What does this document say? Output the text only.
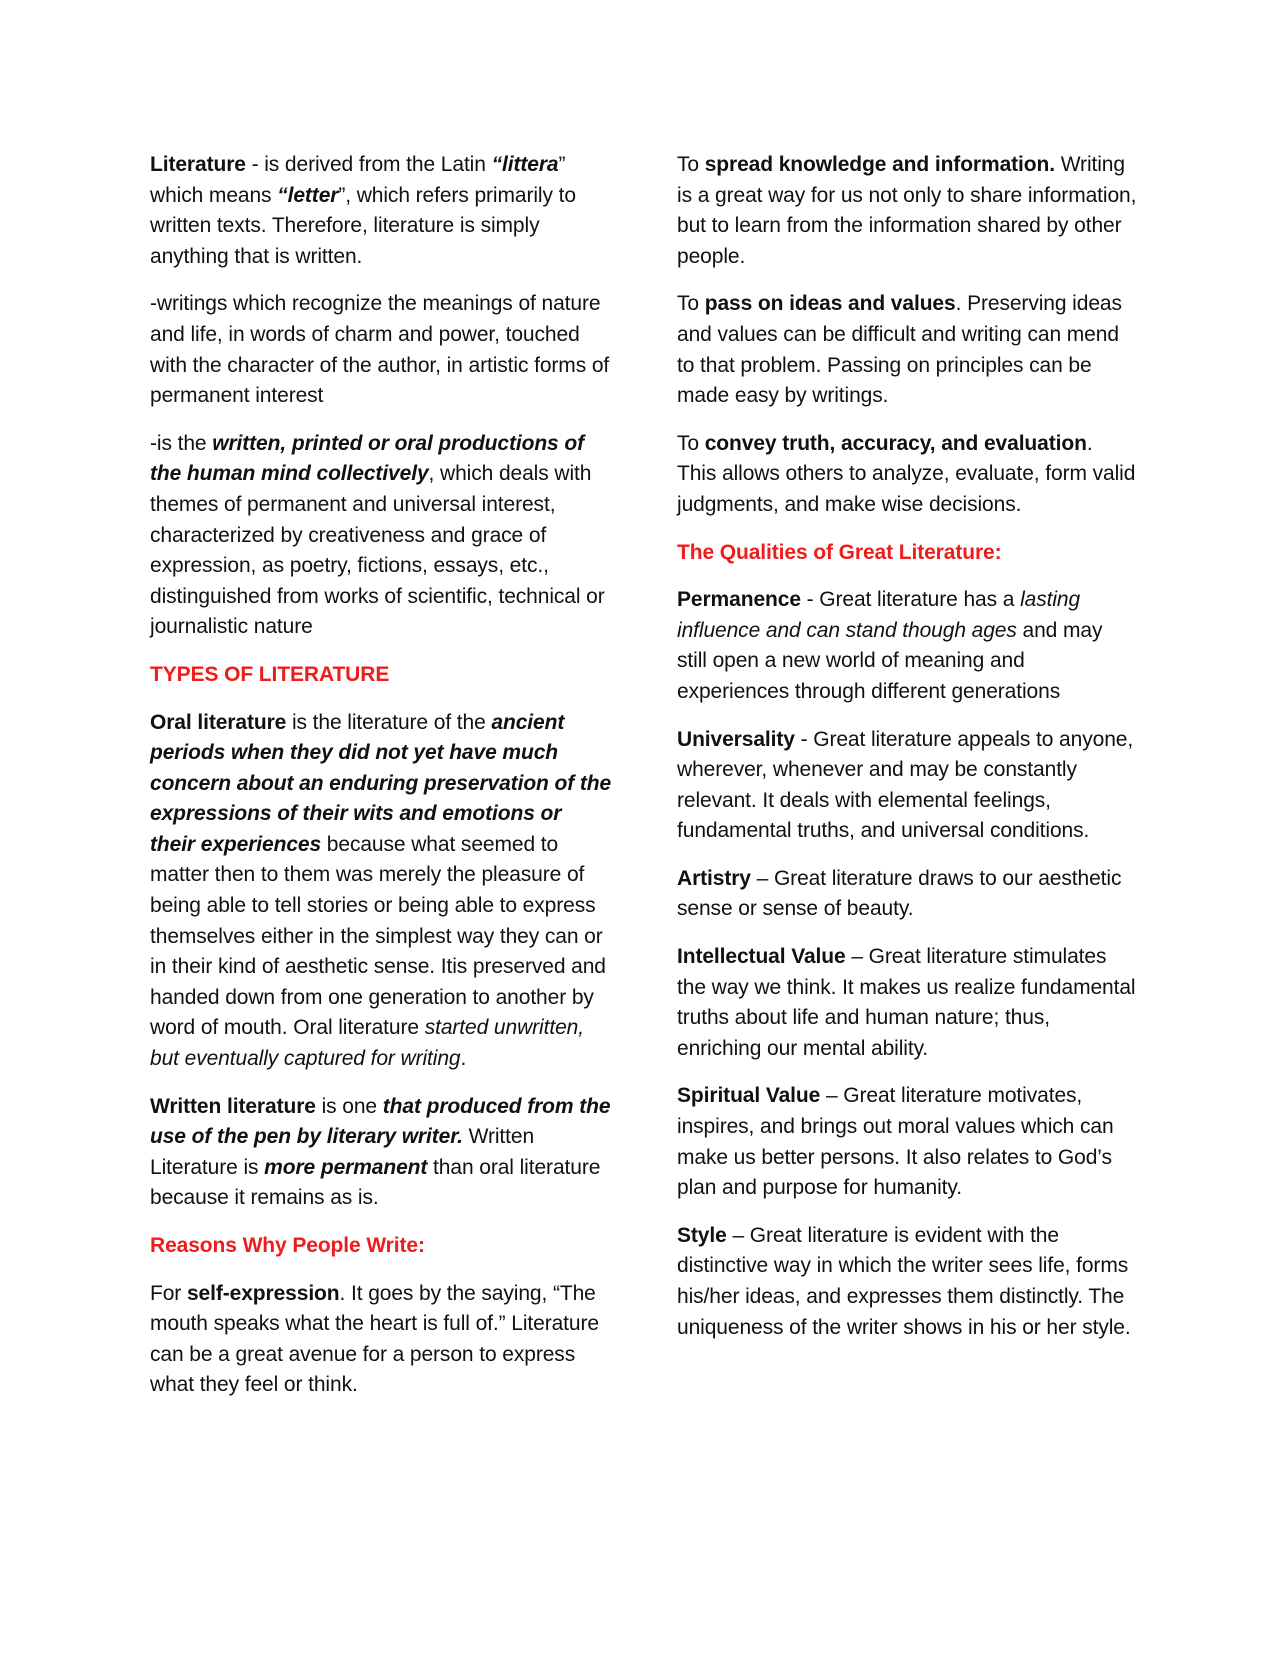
Literature - is derived from the Latin “littera” which means “letter”, which refers primarily to written texts. Therefore, literature is simply anything that is written.

-writings which recognize the meanings of nature and life, in words of charm and power, touched with the character of the author, in artistic forms of permanent interest

-is the written, printed or oral productions of the human mind collectively, which deals with themes of permanent and universal interest, characterized by creativeness and grace of expression, as poetry, fictions, essays, etc., distinguished from works of scientific, technical or journalistic nature

TYPES OF LITERATURE

Oral literature is the literature of the ancient periods when they did not yet have much concern about an enduring preservation of the expressions of their wits and emotions or their experiences because what seemed to matter then to them was merely the pleasure of being able to tell stories or being able to express themselves either in the simplest way they can or in their kind of aesthetic sense. Itis preserved and handed down from one generation to another by word of mouth. Oral literature started unwritten, but eventually captured for writing.

Written literature is one that produced from the use of the pen by literary writer. Written Literature is more permanent than oral literature because it remains as is.

Reasons Why People Write:

For self-expression. It goes by the saying, “The mouth speaks what the heart is full of.” Literature can be a great avenue for a person to express what they feel or think.

To spread knowledge and information. Writing is a great way for us not only to share information, but to learn from the information shared by other people.

To pass on ideas and values. Preserving ideas and values can be difficult and writing can mend to that problem. Passing on principles can be made easy by writings.

To convey truth, accuracy, and evaluation. This allows others to analyze, evaluate, form valid judgments, and make wise decisions.

The Qualities of Great Literature:

Permanence - Great literature has a lasting influence and can stand though ages and may still open a new world of meaning and experiences through different generations

Universality - Great literature appeals to anyone, wherever, whenever and may be constantly relevant. It deals with elemental feelings, fundamental truths, and universal conditions.

Artistry – Great literature draws to our aesthetic sense or sense of beauty.

Intellectual Value – Great literature stimulates the way we think. It makes us realize fundamental truths about life and human nature; thus, enriching our mental ability.

Spiritual Value – Great literature motivates, inspires, and brings out moral values which can make us better persons. It also relates to God’s plan and purpose for humanity.

Style – Great literature is evident with the distinctive way in which the writer sees life, forms his/her ideas, and expresses them distinctly. The uniqueness of the writer shows in his or her style.
